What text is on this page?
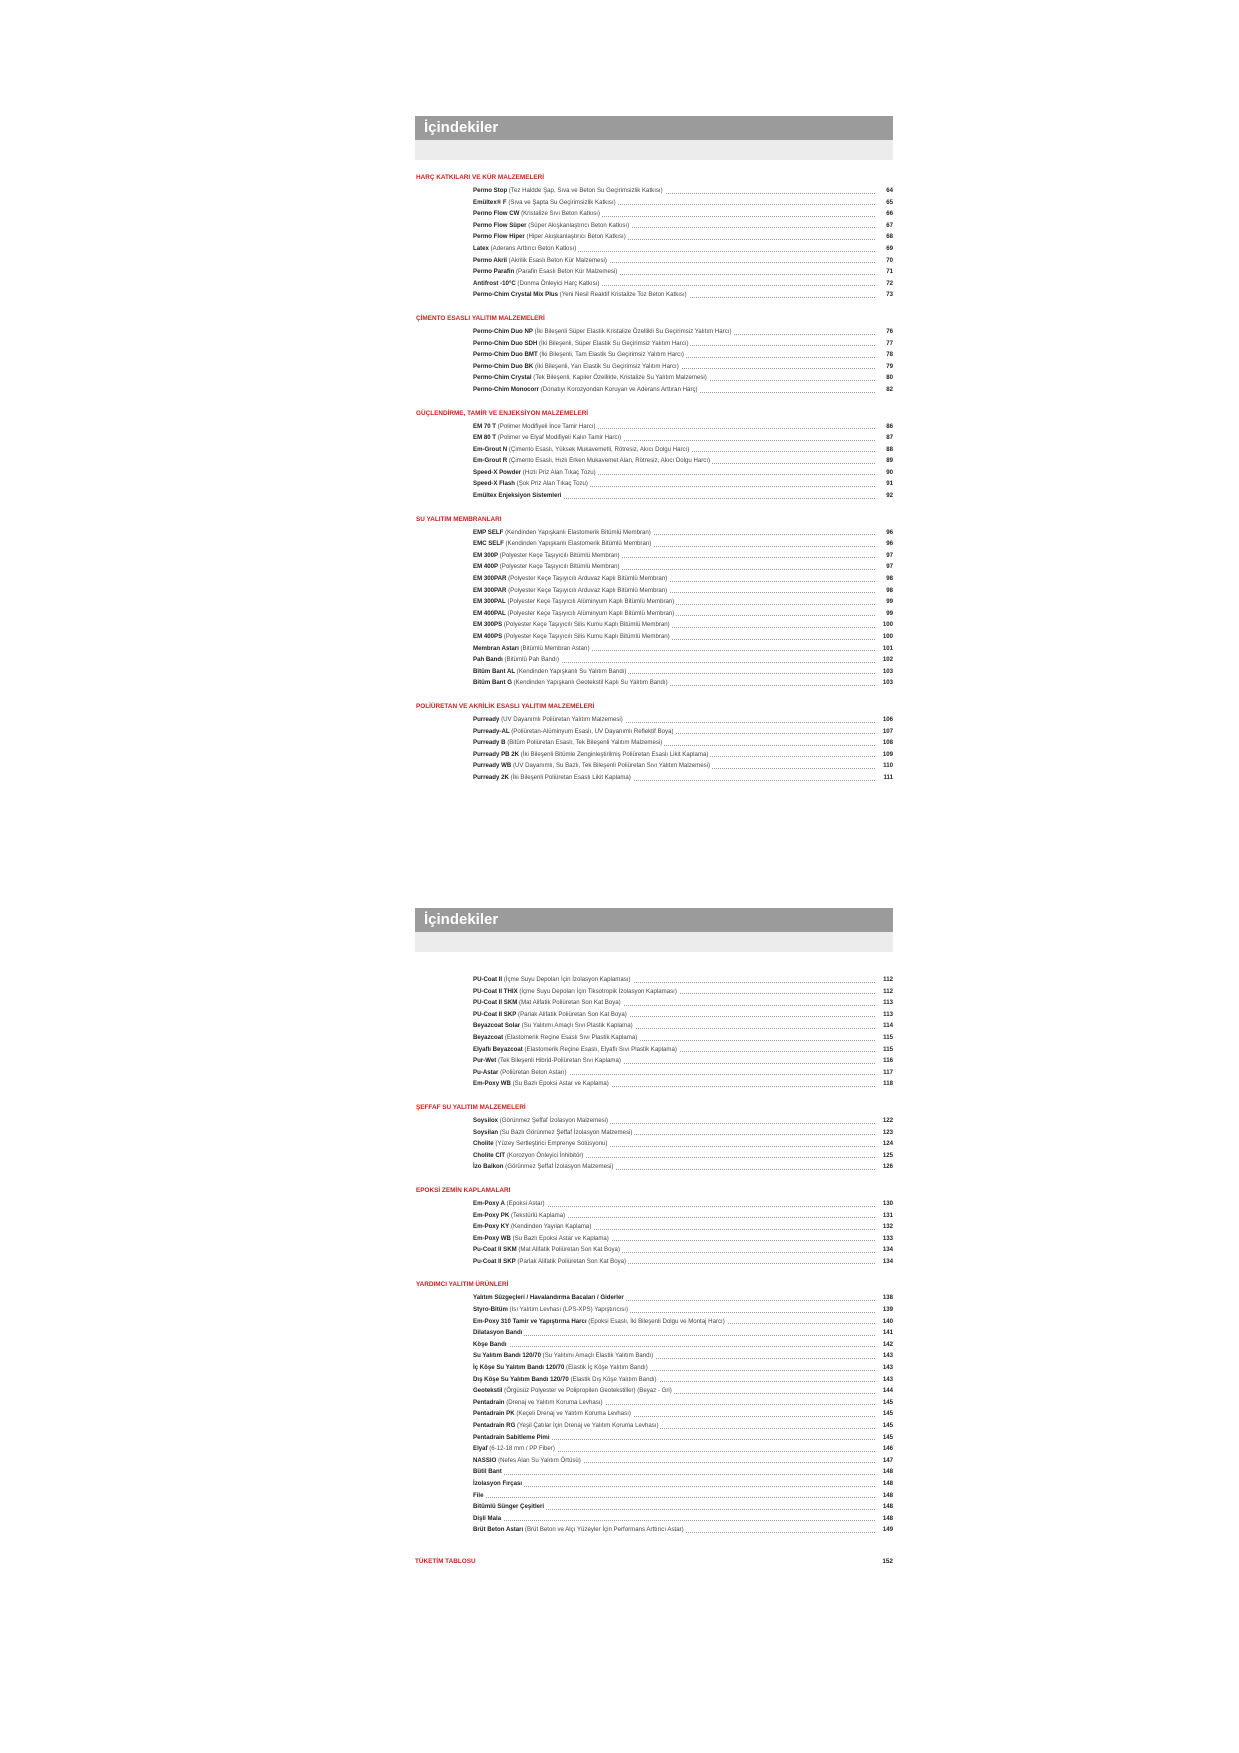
İçindekiler
HARÇ KATKILARI VE KÜR MALZEMELERİ
Permo Stop (Tez Haldde Şap, Sıva ve Beton Su Geçirimsizlik Katkısı)	64
Emültex® F (Sıva ve Şapta Su Geçirimsizlik Katkısı)	65
Permo Flow CW (Kristalize Sıvı Beton Katkısı)	66
Permo Flow Süper (Süper Akışkanlaştırıcı Beton Katkısı)	67
Permo Flow Hiper (Hiper Akışkanlaştırıcı Beton Katkısı)	68
Latex (Aderans Arttırıcı Beton Katkısı)	69
Permo Akril (Akrilik Esaslı Beton Kür Malzemesi)	70
Permo Parafin (Parafin Esaslı Beton Kür Malzemesi)	71
Antifrost -10°C (Donma Önleyici Harç Katkısı)	72
Permo-Chim Crystal Mix Plus (Yeni Nesil Reaktif Kristalize Toz Beton Katkısı)	73
ÇİMENTO ESASLI YALITIM MALZEMELERİ
Permo-Chim Duo NP (İki Bileşenli Süper Elastik Kristalize Özellikli Su Geçirimsiz Yalıtım Harcı)	76
Permo-Chim Duo SDH (İki Bileşenli, Süper Elastik Su Geçirimsiz Yalıtım Harcı)	77
Permo-Chim Duo BMT (İki Bileşenli, Tam Elastik Su Geçirimsiz Yalıtım Harcı)	78
Permo-Chim Duo BK (İki Bileşenli, Yarı Elastik Su Geçirimsiz Yalıtım Harcı)	79
Permo-Chim Crystal (Tek Bileşenli, Kapiler Özellikte, Kristalize Su Yalıtım Malzemesi)	80
Permo-Chim Monocorr (Donatıyı Korozyondan Koruyan ve Aderans Arttıran Harç)	82
GÜÇLENDİRME, TAMİR VE ENJEKSİYON MALZEMELERİ
EM 70 T (Polimer Modifiyeli İnce Tamir Harcı)	86
EM 80 T (Polimer ve Elyaf Modifiyeli Kalın Tamir Harcı)	87
Em-Grout N (Çimento Esaslı, Yüksek Mukavemetli, Rötresiz, Akıcı Dolgu Harcı)	88
Em-Grout R (Çimento Esaslı, Hızlı Erken Mukavemet Alan, Rötresiz, Akıcı Dolgu Harcı)	89
Speed-X Powder (Hızlı Priz Alan Tıkaç Tozu)	90
Speed-X Flash (Şok Priz Alan Tıkaç Tozu)	91
Emültex Enjeksiyon Sistemleri	92
SU YALITIM MEMBRANLARI
EMP SELF (Kendinden Yapışkanlı Elastomerik Bitümlü Membran)	96
EMC SELF (Kendinden Yapışkanlı Elastomerik Bitümlü Membran)	96
EM 300P (Polyester Keçe Taşıyıcılı Bitümlü Membran)	97
EM 400P (Polyester Keçe Taşıyıcılı Bitümlü Membran)	97
EM 300PAR (Polyester Keçe Taşıyıcılı Arduvaz Kaplı Bitümlü Membran)	98
EM 300PAR (Polyester Keçe Taşıyıcılı Arduvaz Kaplı Bitümlü Membran)	98
EM 300PAL (Polyester Keçe Taşıyıcılı Alüminyum Kaplı Bitümlü Membran)	99
EM 400PAL (Polyester Keçe Taşıyıcılı Alüminyum Kaplı Bitümlü Membran)	99
EM 300PS (Polyester Keçe Taşıyıcılı Silis Kumu Kaplı Bitümlü Membran)	100
EM 400PS (Polyester Keçe Taşıyıcılı Silis Kumu Kaplı Bitümlü Membran)	100
Membran Astarı (Bitümlü Membran Astarı)	101
Pah Bandı (Bitümlü Pah Bandı)	102
Bitüm Bant AL (Kendinden Yapışkanlı Su Yalıtım Bandı)	103
Bitüm Bant G (Kendinden Yapışkanlı Geotekstil Kaplı Su Yalıtım Bandı)	103
POLİÜRETAN VE AKRİLİK ESASLI YALITIM MALZEMELERİ
Purready (UV Dayanımlı Poliüretan Yalıtım Malzemesi)	106
Purready-AL (Poliüretan-Alüminyum Esaslı, UV Dayanımlı Reflektif Boya)	107
Purready B (Bitüm Poliüretan Esaslı, Tek Bileşenli Yalıtım Malzemesi)	108
Purready PB 2K (İki Bileşenli Bitümle Zenginleştirilmiş Poliüretan Esaslı Likit Kaplama)	109
Purready WB (UV Dayanımlı, Su Bazlı, Tek Bileşenli Poliüretan Sıvı Yalıtım Malzemesi)	110
Purready 2K (İki Bileşenli Poliüretan Esaslı Likit Kaplama)	111
İçindekiler
PU-Coat II (İçme Suyu Depoları İçin İzolasyon Kaplaması)	112
PU-Coat II THIX (İçme Suyu Depoları İçin Tiksotropik İzolasyon Kaplaması)	112
PU-Coat II SKM (Mat Alifatik Poliüretan Son Kat Boya)	113
PU-Coat II SKP (Parlak Alifatik Poliüretan Son Kat Boya)	113
Beyazcoat Solar (Su Yalıtımı Amaçlı Sıvı Plastik Kaplama)	114
Beyazcoat (Elastomerik Reçine Esaslı Sıvı Plastik Kaplama)	115
Elyaflı Beyazcoat (Elastomerik Reçine Esaslı, Elyaflı Sıvı Plastik Kaplama)	115
Pur-Wet (Tek Bileşenli Hibrid-Poliüretan Sıvı Kaplama)	116
Pu-Astar (Poliüretan Beton Astarı)	117
Em-Poxy WB (Su Bazlı Epoksi Astar ve Kaplama)	118
ŞEFFAF SU YALITIM MALZEMELERİ
Soysilox (Görünmez Şeffaf İzolasyon Malzemesi)	122
Soysilan (Su Bazlı Görünmez Şeffaf İzolasyon Malzemesi)	123
Cholite (Yüzey Sertleştirici Emprenye Solüsyonu)	124
Cholite CIT (Korozyon Önleyici İnhibitör)	125
İzo Balkon (Görünmez Şeffaf İzolasyon Malzemesi)	126
EPOKSİ ZEMİN KAPLAMALARI
Em-Poxy A (Epoksi Astar)	130
Em-Poxy PK (Tekstürlü Kaplama)	131
Em-Poxy KY (Kendinden Yayılan Kaplama)	132
Em-Poxy WB (Su Bazlı Epoksi Astar ve Kaplama)	133
Pu-Coat II SKM (Mat Alifatik Poliüretan Son Kat Boya)	134
Pu-Coat II SKP (Parlak Alifatik Poliüretan Son Kat Boya)	134
YARDIMCI YALITIM ÜRÜNLERİ
Yalıtım Süzgeçleri / Havalandırma Bacaları / Giderler	138
Styro-Bitüm (Isı Yalıtım Levhası (LPS-XPS) Yapıştırıcısı)	139
Em-Poxy 310 Tamir ve Yapıştırma Harcı (Epoksi Esaslı, İki Bileşenli Dolgu ve Montaj Harcı)	140
Dilatasyon Bandı	141
Köşe Bandı	142
Su Yalıtım Bandı 120/70 (Su Yalıtımı Amaçlı Elastik Yalıtım Bandı)	143
İç Köşe Su Yalıtım Bandı 120/70 (Elastik İç Köşe Yalıtım Bandı)	143
Dış Köşe Su Yalıtım Bandı 120/70 (Elastik Dış Köşe Yalıtım Bandı)	143
Geotekstil (Örgüsüz Polyester ve Polipropilen Geotekstiller) (Beyaz - Gri)	144
Pentadrain (Drenaj ve Yalıtım Koruma Levhası)	145
Pentadrain PK (Keçeli Drenaj ve Yalıtım Koruma Levhası)	145
Pentadrain RG (Yeşil Çatılar İçin Drenaj ve Yalıtım Koruma Levhası)	145
Pentadrain Sabitleme Pimi	145
Elyaf (6-12-18 mm / PP Fiber)	146
NASSIO (Nefes Alan Su Yalıtım Örtüsü)	147
Bütil Bant	148
İzolasyon Fırçası	148
File	148
Bitümlü Sünger Çeşitleri	148
Dişli Mala	148
Brüt Beton Astarı (Brüt Beton ve Alçı Yüzeyler İçin Performans Arttırıcı Astar)	149
TÜKETİM TABLOSU	152
